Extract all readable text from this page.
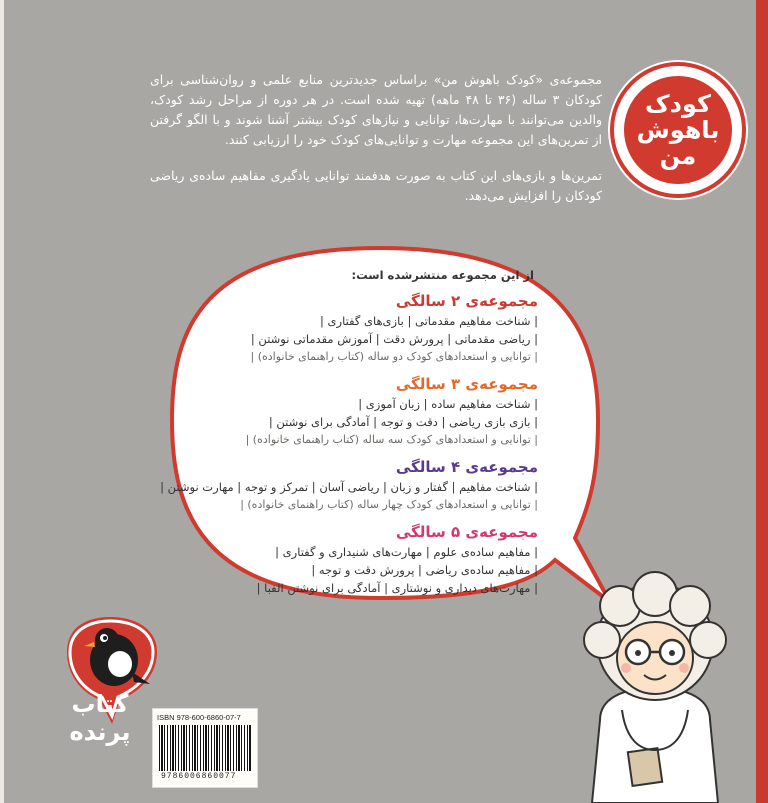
مجموعه‌ی «کودک باهوش من» براساس جدیدترین منابع علمی و روان‌شناسی برای کودکان ۳ ساله (۳۶ تا ۴۸ ماهه) تهیه شده است. در هر دوره از مراحل رشد کودک، والدین می‌توانند با مهارت‌ها، توانایی و نیازهای کودک بیشتر آشنا شوند و با الگو گرفتن از تمرین‌های این مجموعه مهارت و توانایی‌های کودک خود را ارزیابی کنند.

تمرین‌ها و بازی‌های این کتاب به صورت هدفمند توانایی یادگیری مفاهیم ساده‌ی ریاضی کودکان را افزایش می‌دهد.

کودک
باهوش
من
از این مجموعه منتشرشده است:
مجموعه‌ی ۲ سالگی
| شناخت مفاهیم مقدماتی | بازی‌های گفتاری |
| ریاضی مقدماتی | پرورش دقت | آموزش مقدماتی نوشتن |
| توانایی و استعدادهای کودک دو ساله (کتاب راهنمای خانواده) |
مجموعه‌ی ۳ سالگی
| شناخت مفاهیم ساده | زبان آموزی |
| بازی بازی ریاضی | دقت و توجه | آمادگی برای نوشتن |
| توانایی و استعدادهای کودک سه ساله (کتاب راهنمای خانواده) |
مجموعه‌ی ۴ سالگی
| شناخت مفاهیم | گفتار و زبان | ریاضی آسان | تمرکز و توجه | مهارت نوشتن |
| توانایی و استعدادهای کودک چهار ساله (کتاب راهنمای خانواده) |
مجموعه‌ی ۵ سالگی
| مفاهیم ساده‌ی علوم | مهارت‌های شنیداری و گفتاری |
| مفاهیم ساده‌ی ریاضی | پرورش دقت و توجه |
| مهارت‌های دیداری و نوشتاری | آمادگی برای نوشتن الفبا |
کتاب
پرنده
ISBN 978-600-6860-07-7
9786006860077
